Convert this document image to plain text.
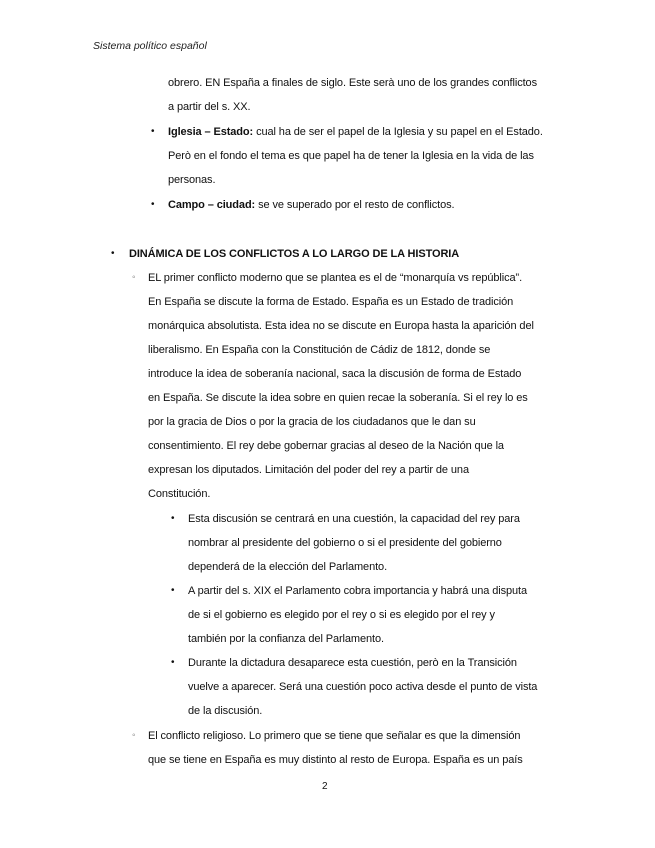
Sistema político español
obrero. EN España a finales de siglo. Este serà uno de los grandes conflictos
a partir del s. XX.
• Iglesia – Estado: cual ha de ser el papel de la Iglesia y su papel en el Estado.
Però en el fondo el tema es que papel ha de tener la Iglesia en la vida de las
personas.
• Campo – ciudad: se ve superado por el resto de conflictos.
• DINÁMICA DE LOS CONFLICTOS A LO LARGO DE LA HISTORIA
◦ EL primer conflicto moderno que se plantea es el de “monarquía vs república”.
En España se discute la forma de Estado. España es un Estado de tradición
monárquica absolutista. Esta idea no se discute en Europa hasta la aparición del
liberalismo. En España con la Constitución de Cádiz de 1812, donde se
introduce la idea de soberanía nacional, saca la discusión de forma de Estado
en España. Se discute la idea sobre en quien recae la soberanía. Si el rey lo es
por la gracia de Dios o por la gracia de los ciudadanos que le dan su
consentimiento. El rey debe gobernar gracias al deseo de la Nación que la
expresan los diputados. Limitación del poder del rey a partir de una
Constitución.
• Esta discusión se centrará en una cuestión, la capacidad del rey para
nombrar al presidente del gobierno o si el presidente del gobierno
dependerá de la elección del Parlamento.
• A partir del s. XIX el Parlamento cobra importancia y habrá una disputa
de si el gobierno es elegido por el rey o si es elegido por el rey y
también por la confianza del Parlamento.
• Durante la dictadura desaparece esta cuestión, però en la Transición
vuelve a aparecer. Será una cuestión poco activa desde el punto de vista
de la discusión.
◦ El conflicto religioso. Lo primero que se tiene que señalar es que la dimensión
que se tiene en España es muy distinto al resto de Europa. España es un país
2
